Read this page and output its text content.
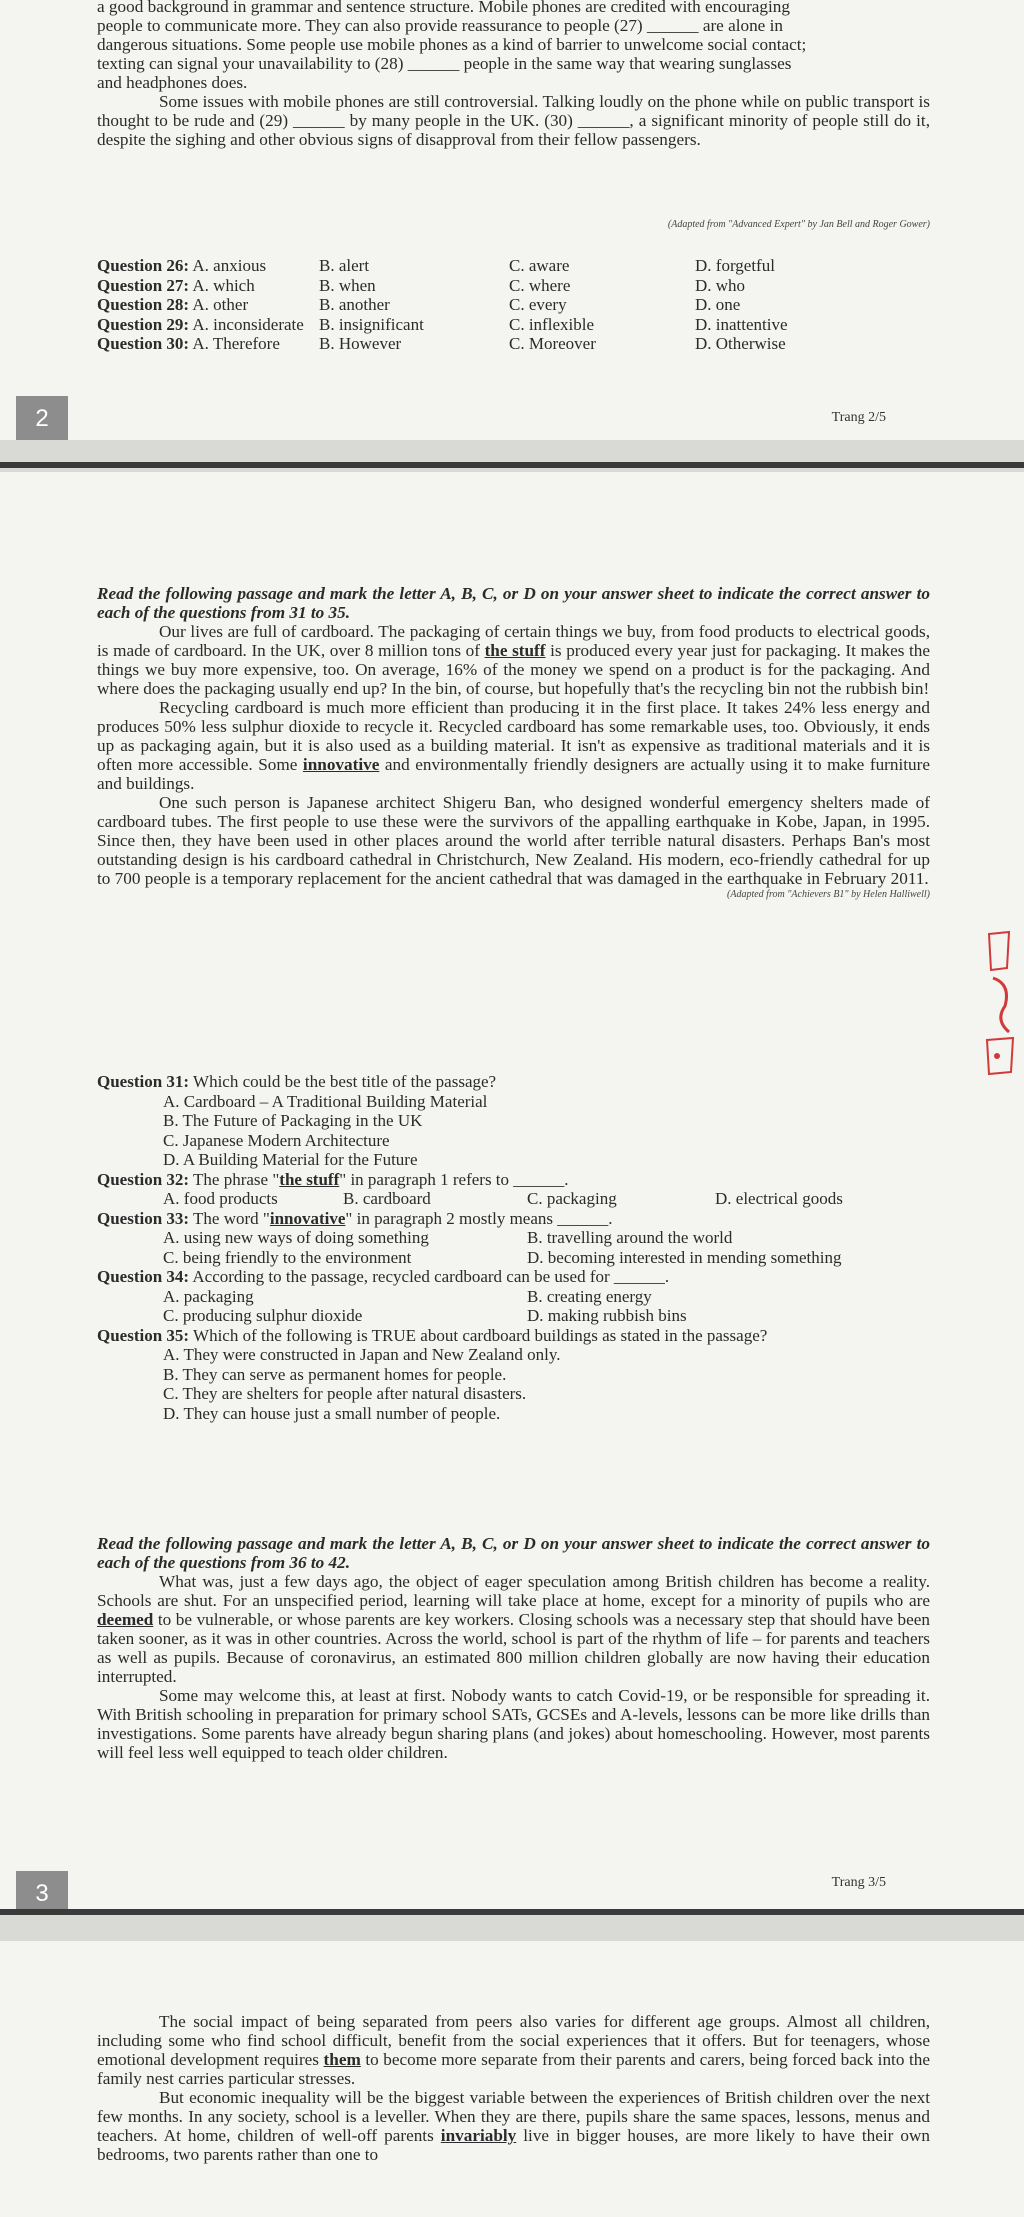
a good background in grammar and sentence structure. Mobile phones are credited with encouraging

people to communicate more. They can also provide reassurance to people (27) ______ are alone in

dangerous situations. Some people use mobile phones as a kind of barrier to unwelcome social contact;

texting can signal your unavailability to (28) ______ people in the same way that wearing sunglasses

and headphones does.

Some issues with mobile phones are still controversial. Talking loudly on the phone while on public transport is thought to be rude and (29) ______ by many people in the UK. (30) ______, a significant minority of people still do it, despite the sighing and other obvious signs of disapproval from their fellow passengers.

(Adapted from "Advanced Expert" by Jan Bell and Roger Gower)
Question 26: A. anxious	B. alert	C. aware	D. forgetful
Question 27: A. which	B. when	C. where	D. who
Question 28: A. other	B. another	C. every	D. one
Question 29: A. inconsiderate B. insignificant	C. inflexible	D. inattentive
Question 30: A. Therefore	B. However	C. Moreover	D. Otherwise
2	Trang 2/5

Read the following passage and mark the letter A, B, C, or D on your answer sheet to indicate the correct answer to each of the questions from 31 to 35.

Our lives are full of cardboard. The packaging of certain things we buy, from food products to electrical goods, is made of cardboard. In the UK, over 8 million tons of the stuff is produced every year just for packaging. It makes the things we buy more expensive, too. On average, 16% of the money we spend on a product is for the packaging. And where does the packaging usually end up? In the bin, of course, but hopefully that's the recycling bin not the rubbish bin!

Recycling cardboard is much more efficient than producing it in the first place. It takes 24% less energy and produces 50% less sulphur dioxide to recycle it. Recycled cardboard has some remarkable uses, too. Obviously, it ends up as packaging again, but it is also used as a building material. It isn't as expensive as traditional materials and it is often more accessible. Some innovative and environmentally friendly designers are actually using it to make furniture and buildings.

One such person is Japanese architect Shigeru Ban, who designed wonderful emergency shelters made of cardboard tubes. The first people to use these were the survivors of the appalling earthquake in Kobe, Japan, in 1995. Since then, they have been used in other places around the world after terrible natural disasters. Perhaps Ban's most outstanding design is his cardboard cathedral in Christchurch, New Zealand. His modern, eco-friendly cathedral for up to 700 people is a temporary replacement for the ancient cathedral that was damaged in the earthquake in February 2011.

(Adapted from "Achievers B1" by Helen Halliwell)

Question 31: Which could be the best title of the passage?
A. Cardboard – A Traditional Building Material
B. The Future of Packaging in the UK
C. Japanese Modern Architecture
D. A Building Material for the Future
Question 32: The phrase "the stuff" in paragraph 1 refers to ______.
A. food products	B. cardboard	C. packaging	D. electrical goods
Question 33: The word "innovative" in paragraph 2 mostly means ______.
A. using new ways of doing something	B. travelling around the world
C. being friendly to the environment	D. becoming interested in mending something
Question 34: According to the passage, recycled cardboard can be used for ______.
A. packaging	B. creating energy
C. producing sulphur dioxide	D. making rubbish bins
Question 35: Which of the following is TRUE about cardboard buildings as stated in the passage?
A. They were constructed in Japan and New Zealand only.
B. They can serve as permanent homes for people.
C. They are shelters for people after natural disasters.
D. They can house just a small number of people.

Read the following passage and mark the letter A, B, C, or D on your answer sheet to indicate the correct answer to each of the questions from 36 to 42.

What was, just a few days ago, the object of eager speculation among British children has become a reality. Schools are shut. For an unspecified period, learning will take place at home, except for a minority of pupils who are deemed to be vulnerable, or whose parents are key workers. Closing schools was a necessary step that should have been taken sooner, as it was in other countries. Across the world, school is part of the rhythm of life – for parents and teachers as well as pupils. Because of coronavirus, an estimated 800 million children globally are now having their education interrupted.

Some may welcome this, at least at first. Nobody wants to catch Covid-19, or be responsible for spreading it. With British schooling in preparation for primary school SATs, GCSEs and A-levels, lessons can be more like drills than investigations. Some parents have already begun sharing plans (and jokes) about homeschooling. However, most parents will feel less well equipped to teach older children.

3	Trang 3/5

The social impact of being separated from peers also varies for different age groups. Almost all children, including some who find school difficult, benefit from the social experiences that it offers. But for teenagers, whose emotional development requires them to become more separate from their parents and carers, being forced back into the family nest carries particular stresses.

But economic inequality will be the biggest variable between the experiences of British children over the next few months. In any society, school is a leveller. When they are there, pupils share the same spaces, lessons, menus and teachers. At home, children of well-off parents invariably live in bigger houses, are more likely to have their own bedrooms, two parents rather than one to
